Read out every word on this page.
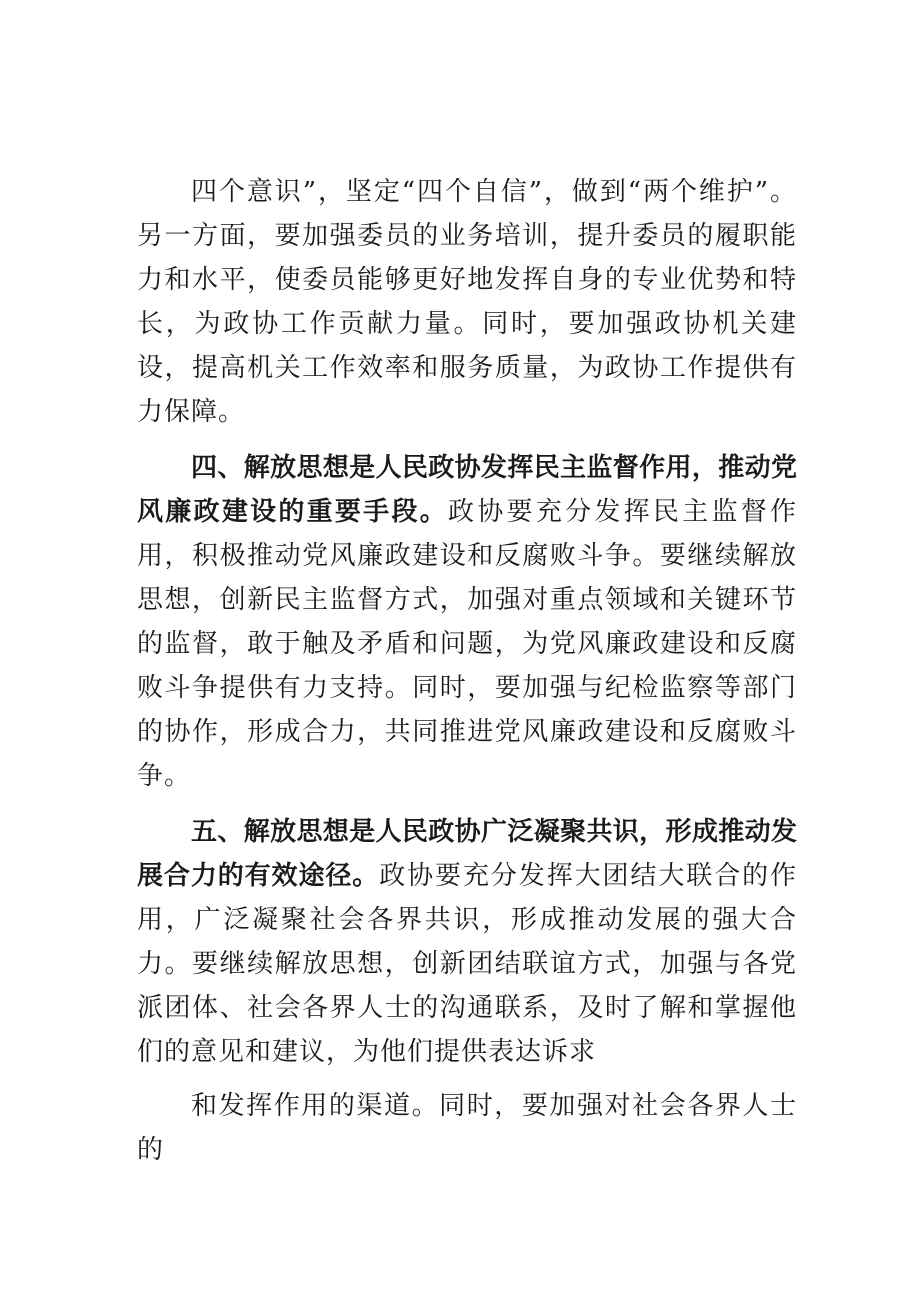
四个意识”，坚定“四个自信”，做到“两个维护”。另一方面，要加强委员的业务培训，提升委员的履职能力和水平，使委员能够更好地发挥自身的专业优势和特长，为政协工作贡献力量。同时，要加强政协机关建设，提高机关工作效率和服务质量，为政协工作提供有力保障。

四、解放思想是人民政协发挥民主监督作用，推动党风廉政建设的重要手段。政协要充分发挥民主监督作用，积极推动党风廉政建设和反腐败斗争。要继续解放思想，创新民主监督方式，加强对重点领域和关键环节的监督，敢于触及矛盾和问题，为党风廉政建设和反腐败斗争提供有力支持。同时，要加强与纪检监察等部门的协作，形成合力，共同推进党风廉政建设和反腐败斗争。

五、解放思想是人民政协广泛凝聚共识，形成推动发展合力的有效途径。政协要充分发挥大团结大联合的作用，广泛凝聚社会各界共识，形成推动发展的强大合力。要继续解放思想，创新团结联谊方式，加强与各党派团体、社会各界人士的沟通联系，及时了解和掌握他们的意见和建议，为他们提供表达诉求

和发挥作用的渠道。同时，要加强对社会各界人士的
